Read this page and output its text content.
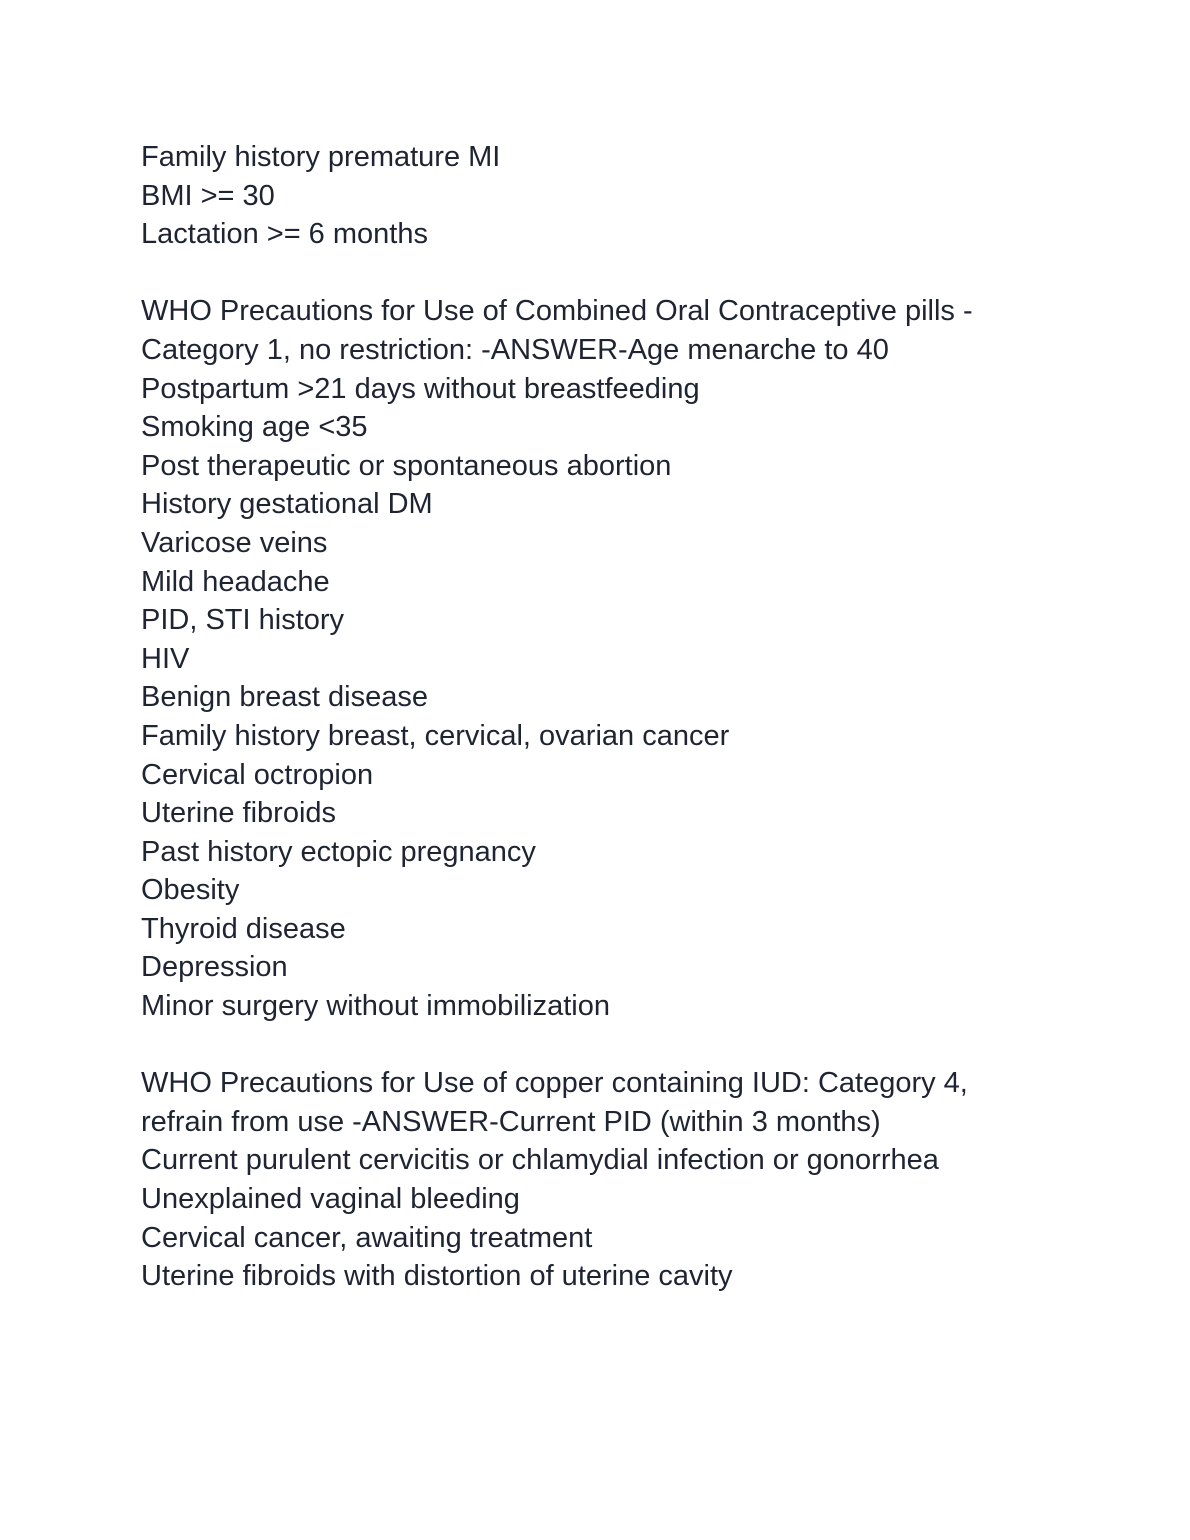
Family history premature MI
BMI >= 30
Lactation >= 6 months
WHO Precautions for Use of Combined Oral Contraceptive pills -
Category 1, no restriction: -ANSWER-Age menarche to 40
Postpartum >21 days without breastfeeding
Smoking age <35
Post therapeutic or spontaneous abortion
History gestational DM
Varicose veins
Mild headache
PID, STI history
HIV
Benign breast disease
Family history breast, cervical, ovarian cancer
Cervical octropion
Uterine fibroids
Past history ectopic pregnancy
Obesity
Thyroid disease
Depression
Minor surgery without immobilization
WHO Precautions for Use of copper containing IUD: Category 4,
refrain from use -ANSWER-Current PID (within 3 months)
Current purulent cervicitis or chlamydial infection or gonorrhea
Unexplained vaginal bleeding
Cervical cancer, awaiting treatment
Uterine fibroids with distortion of uterine cavity
